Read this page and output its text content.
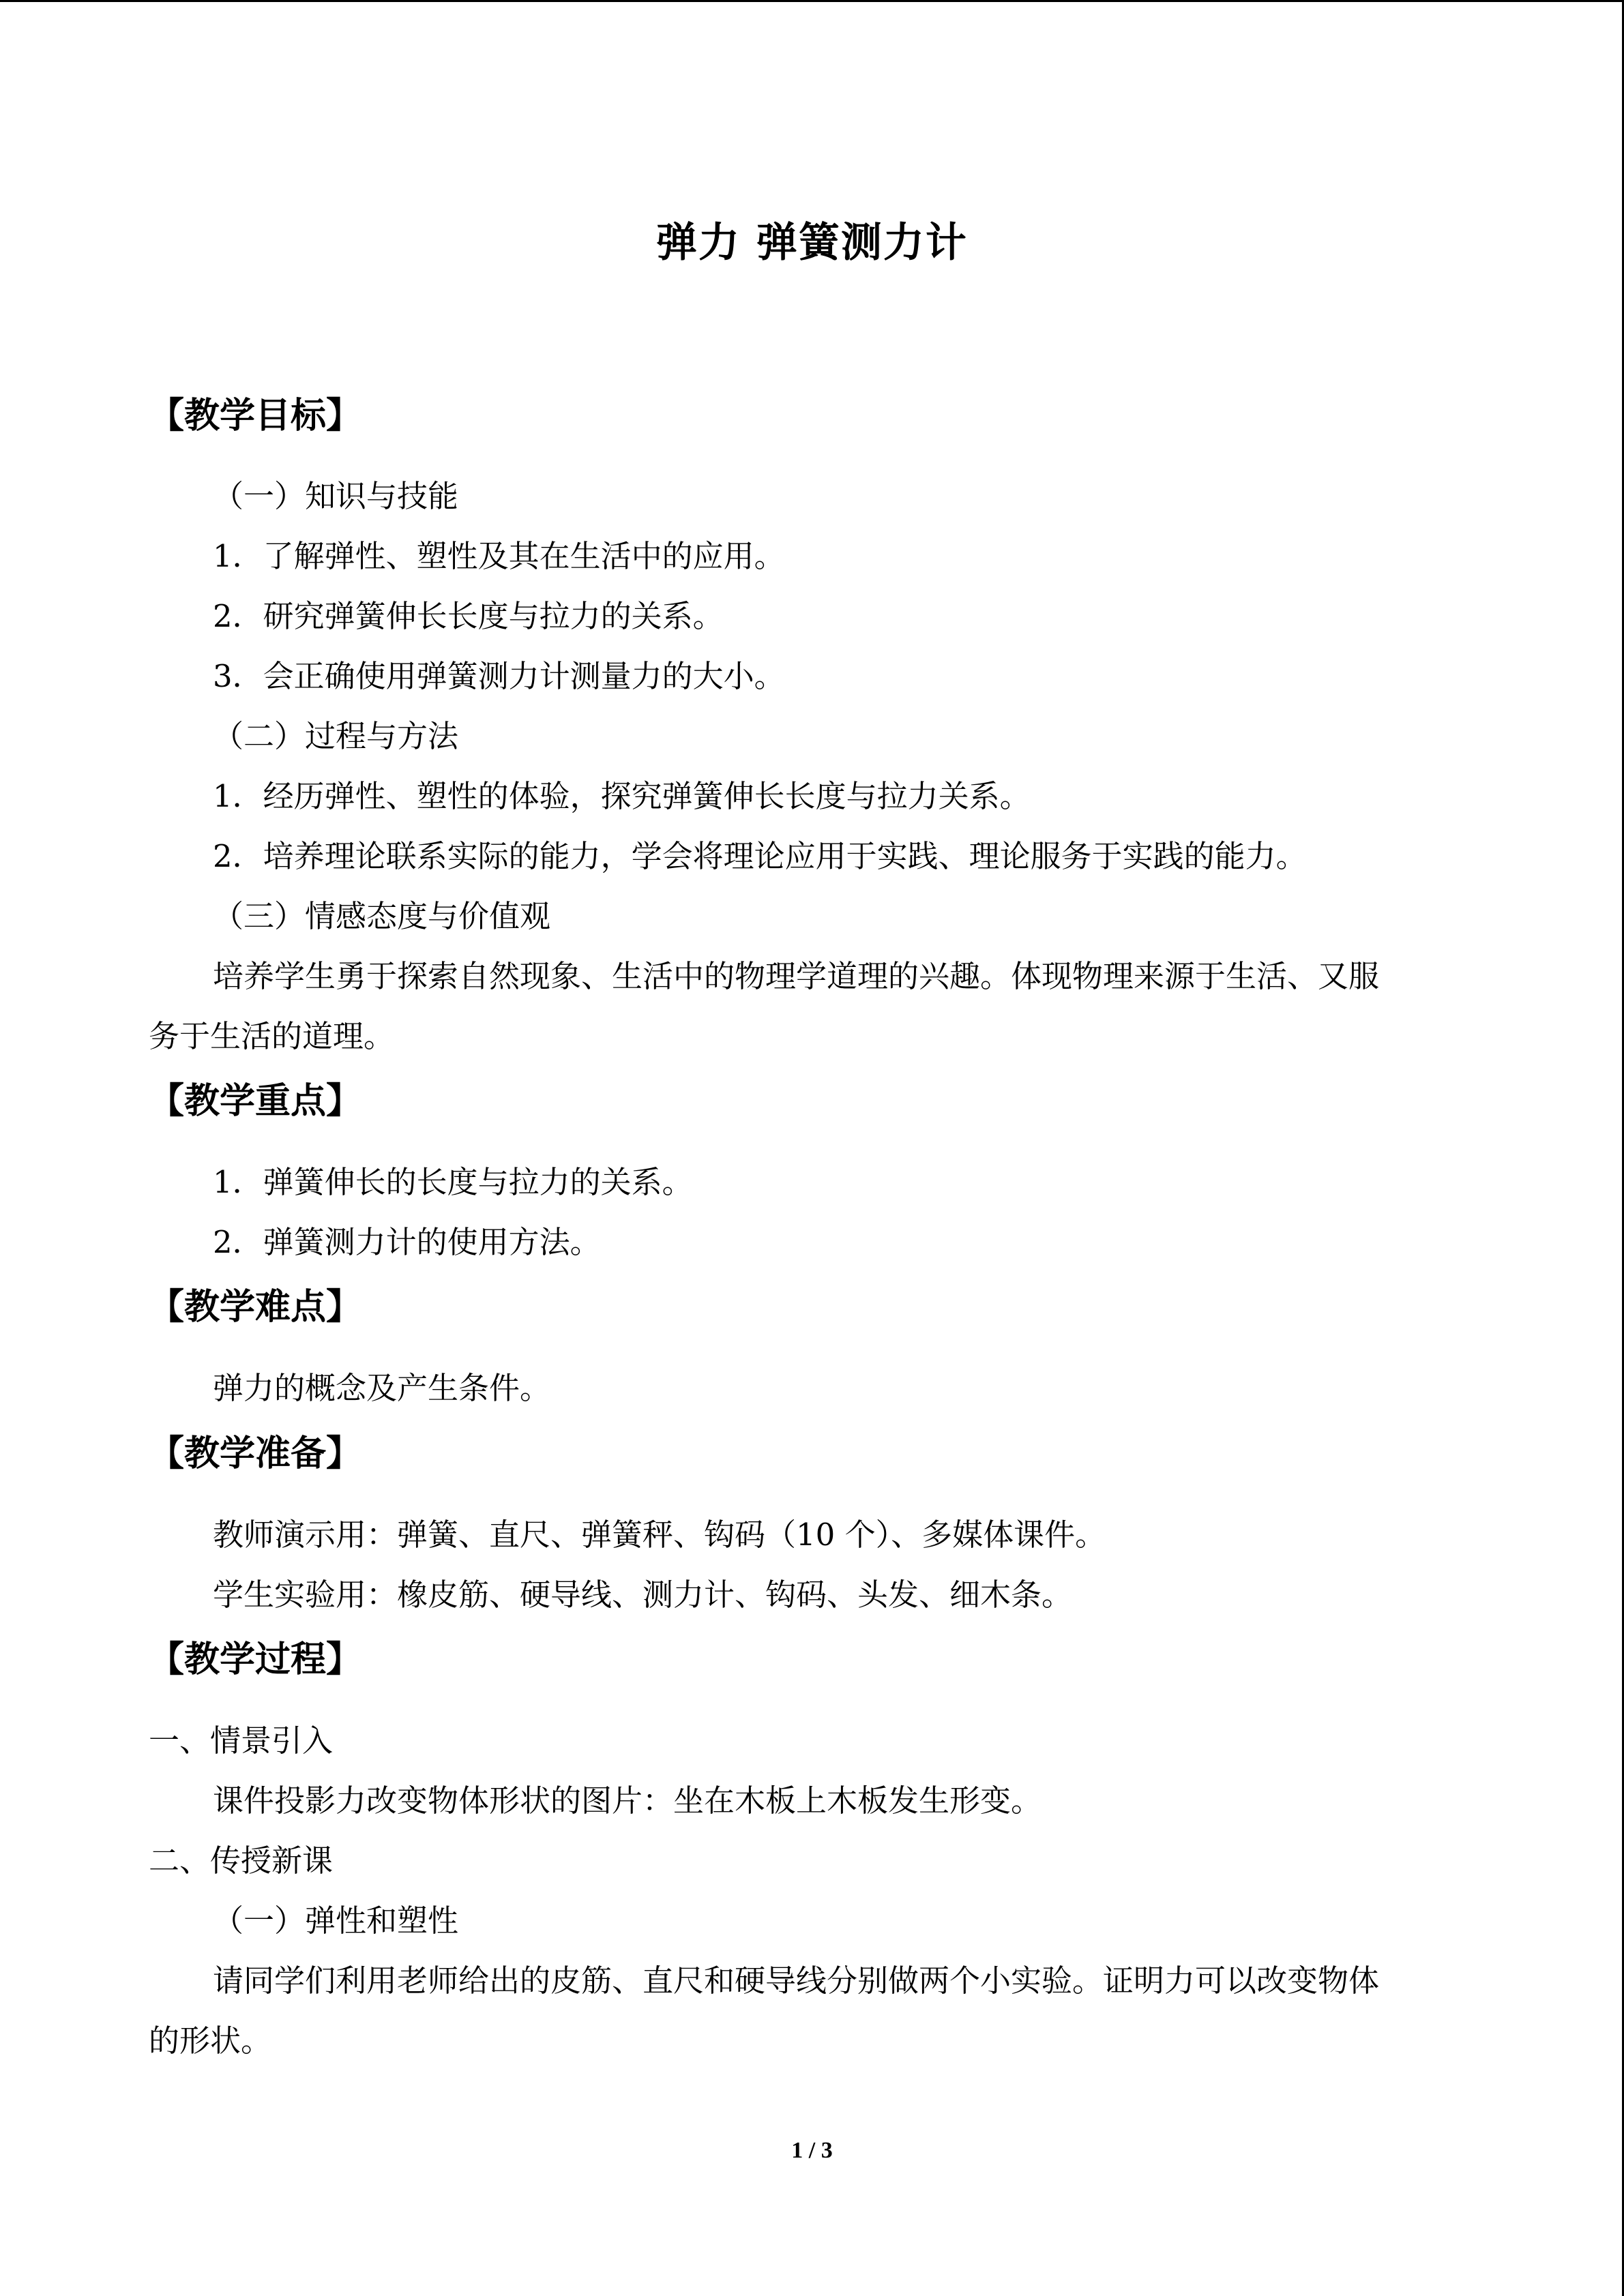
弹力 弹簧测力计
【教学目标】
（一）知识与技能
1．了解弹性、塑性及其在生活中的应用。
2．研究弹簧伸长长度与拉力的关系。
3．会正确使用弹簧测力计测量力的大小。
（二）过程与方法
1．经历弹性、塑性的体验，探究弹簧伸长长度与拉力关系。
2．培养理论联系实际的能力，学会将理论应用于实践、理论服务于实践的能力。
（三）情感态度与价值观
培养学生勇于探索自然现象、生活中的物理学道理的兴趣。体现物理来源于生活、又服
务于生活的道理。
【教学重点】
1．弹簧伸长的长度与拉力的关系。
2．弹簧测力计的使用方法。
【教学难点】
弹力的概念及产生条件。
【教学准备】
教师演示用：弹簧、直尺、弹簧秤、钩码（10 个）、多媒体课件。
学生实验用：橡皮筋、硬导线、测力计、钩码、头发、细木条。
【教学过程】
一、情景引入
课件投影力改变物体形状的图片：坐在木板上木板发生形变。
二、传授新课
（一）弹性和塑性
请同学们利用老师给出的皮筋、直尺和硬导线分别做两个小实验。证明力可以改变物体
的形状。
1 / 3
